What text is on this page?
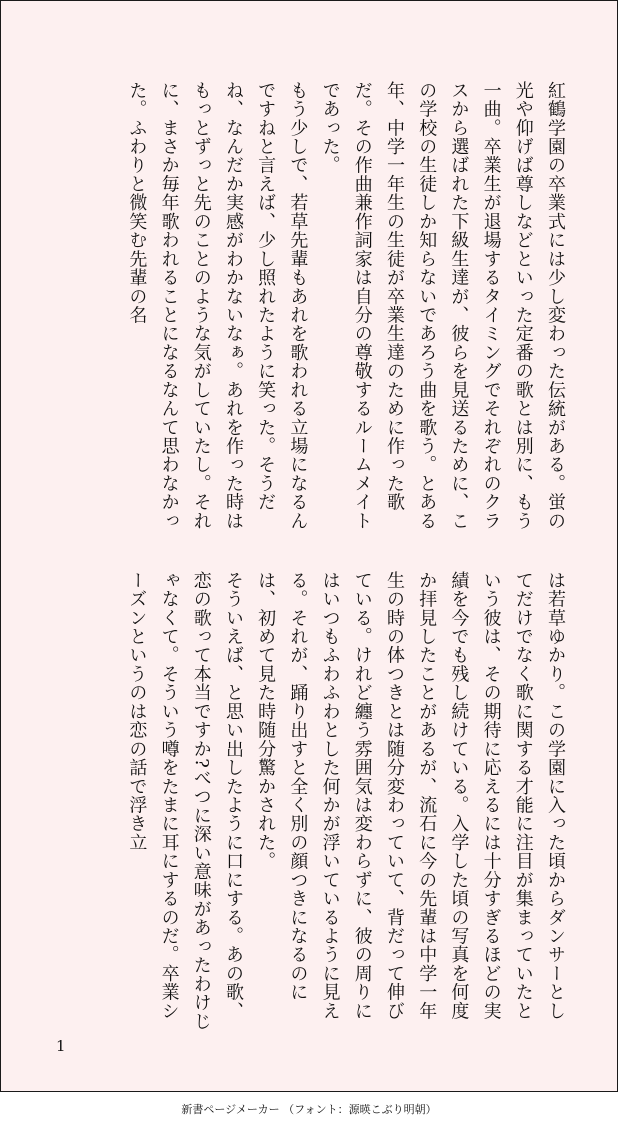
紅鶴学園の卒業式には少し変わった伝統がある。蛍の光や仰げば尊しなどといった定番の歌とは別に、もう一曲。卒業生が退場するタイミングでそれぞれのクラスから選ばれた下級生達が、彼らを見送るために、この学校の生徒しか知らないであろう曲を歌う。とある年、中学一年生の生徒が卒業生達のために作った歌だ。その作曲兼作詞家は自分の尊敬するルームメイトであった。

もう少しで、若草先輩もあれを歌われる立場になるんですねと言えば、少し照れたように笑った。そうだね、なんだか実感がわかないなぁ。あれを作った時はもっとずっと先のことのような気がしていたし。それに、まさか毎年歌われることになるなんて思わなかった。ふわりと微笑む先輩の名

は若草ゆかり。この学園に入った頃からダンサーとしてだけでなく歌に関する才能に注目が集まっていたという彼は、その期待に応えるには十分すぎるほどの実績を今でも残し続けている。入学した頃の写真を何度か拝見したことがあるが、流石に今の先輩は中学一年生の時の体つきとは随分変わっていて、背だって伸びている。けれど纏う雰囲気は変わらずに、彼の周りにはいつもふわふわとした何かが浮いているように見える。それが、踊り出すと全く別の顔つきになるのには、初めて見た時随分驚かされた。

そういえば、と思い出したように口にする。あの歌、恋の歌って本当ですか?べつに深い意味があったわけじゃなくて。そういう噂をたまに耳にするのだ。卒業シーズンというのは恋の話で浮き立

1
新書ページメーカー （フォント：源暎こぶり明朝）
